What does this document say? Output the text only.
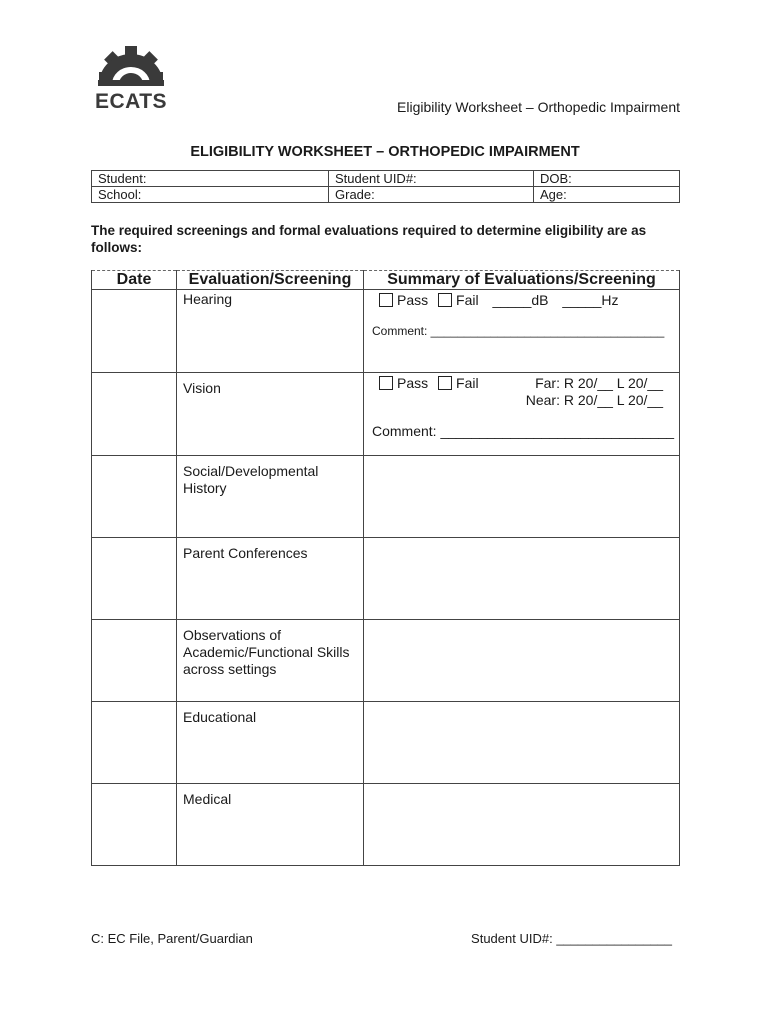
ECATS	Eligibility Worksheet – Orthopedic Impairment
ELIGIBILITY WORKSHEET – ORTHOPEDIC IMPAIRMENT
Student:	Student UID#:	DOB:
School:	Grade:	Age:
The required screenings and formal evaluations required to determine eligibility are as follows:
Date	Evaluation/Screening	Summary of Evaluations/Screening

	Hearing	Pass Fail _____dB _____Hz
Comment: ___________________________________

	Vision	Pass Fail Far: R 20/__ L 20/__
Near: R 20/__ L 20/__
Comment: ______________________________

	Social/Developmental History	

	Parent Conferences	

	Observations of Academic/Functional Skills across settings	

	Educational	

	Medical	

C: EC File, Parent/Guardian	Student UID#: ________________
